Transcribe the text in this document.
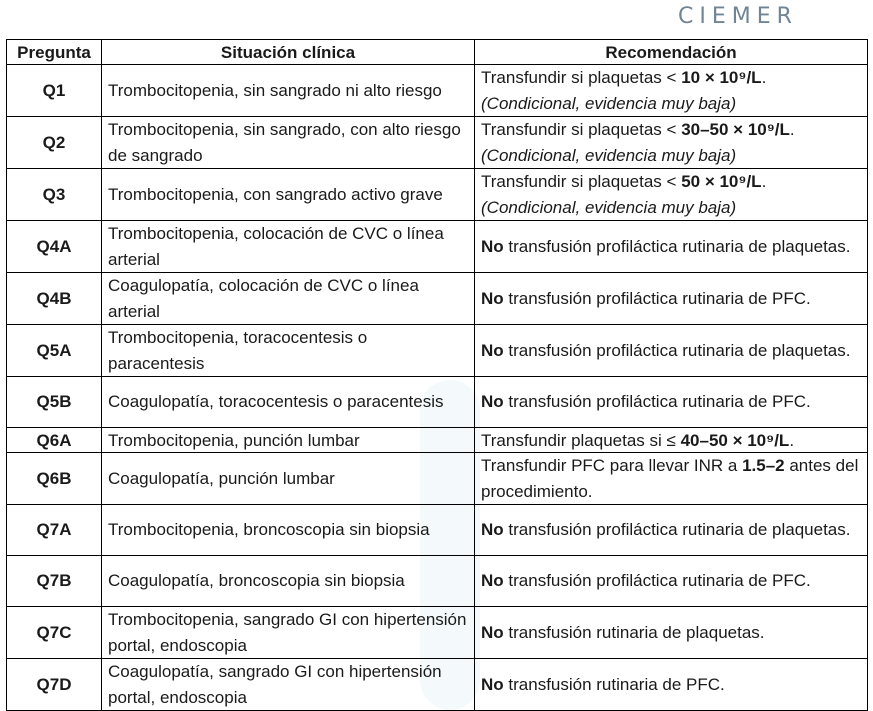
CIEMER
Pregunta	Situación clínica	Recomendación
Q1	Trombocitopenia, sin sangrado ni alto riesgo	Transfundir si plaquetas < 10 × 10⁹/L.
(Condicional, evidencia muy baja)
Q2	Trombocitopenia, sin sangrado, con alto riesgo de sangrado	Transfundir si plaquetas < 30–50 × 10⁹/L.
(Condicional, evidencia muy baja)
Q3	Trombocitopenia, con sangrado activo grave	Transfundir si plaquetas < 50 × 10⁹/L.
(Condicional, evidencia muy baja)
Q4A	Trombocitopenia, colocación de CVC o línea arterial	No transfusión profiláctica rutinaria de plaquetas.
Q4B	Coagulopatía, colocación de CVC o línea arterial	No transfusión profiláctica rutinaria de PFC.
Q5A	Trombocitopenia, toracocentesis o paracentesis	No transfusión profiláctica rutinaria de plaquetas.
Q5B	Coagulopatía, toracocentesis o paracentesis	No transfusión profiláctica rutinaria de PFC.
Q6A	Trombocitopenia, punción lumbar	Transfundir plaquetas si ≤ 40–50 × 10⁹/L.
Q6B	Coagulopatía, punción lumbar	Transfundir PFC para llevar INR a 1.5–2 antes del procedimiento.
Q7A	Trombocitopenia, broncoscopia sin biopsia	No transfusión profiláctica rutinaria de plaquetas.
Q7B	Coagulopatía, broncoscopia sin biopsia	No transfusión profiláctica rutinaria de PFC.
Q7C	Trombocitopenia, sangrado GI con hipertensión portal, endoscopia	No transfusión rutinaria de plaquetas.
Q7D	Coagulopatía, sangrado GI con hipertensión portal, endoscopia	No transfusión rutinaria de PFC.
